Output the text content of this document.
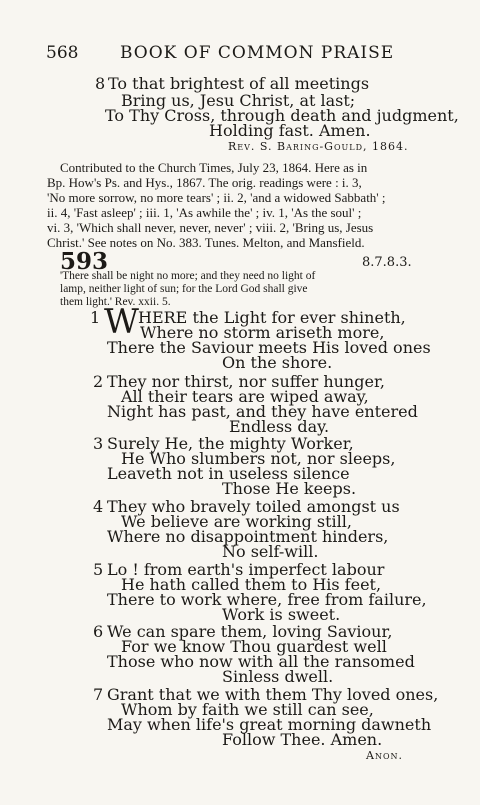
568 BOOK OF COMMON PRAISE
8 To that brightest of all meetings
Bring us, Jesu Christ, at last;
To Thy Cross, through death and judgment,
Holding fast. Amen.
Rev. S. Baring-Gould, 1864.
Contributed to the Church Times, July 23, 1864. Here as in
Bp. How's Ps. and Hys., 1867. The orig. readings were : i. 3,
'No more sorrow, no more tears' ; ii. 2, 'and a widowed Sabbath' ;
ii. 4, 'Fast asleep' ; iii. 1, 'As awhile the' ; iv. 1, 'As the soul' ;
vi. 3, 'Which shall never, never, never' ; viii. 2, 'Bring us, Jesus
Christ.' See notes on No. 383. Tunes. Melton, and Mansfield.
593	8.7.8.3.
'There shall be night no more; and they need no light of
lamp, neither light of sun; for the Lord God shall give
them light.' Rev. xxii. 5.
1 W HERE the Light for ever shineth,
Where no storm ariseth more,
There the Saviour meets His loved ones
On the shore.
2 They nor thirst, nor suffer hunger,
All their tears are wiped away,
Night has past, and they have entered
Endless day.
3 Surely He, the mighty Worker,
He Who slumbers not, nor sleeps,
Leaveth not in useless silence
Those He keeps.
4 They who bravely toiled amongst us
We believe are working still,
Where no disappointment hinders,
No self-will.
5 Lo ! from earth's imperfect labour
He hath called them to His feet,
There to work where, free from failure,
Work is sweet.
6 We can spare them, loving Saviour,
For we know Thou guardest well
Those who now with all the ransomed
Sinless dwell.
7 Grant that we with them Thy loved ones,
Whom by faith we still can see,
May when life's great morning dawneth
Follow Thee. Amen.
Anon.
